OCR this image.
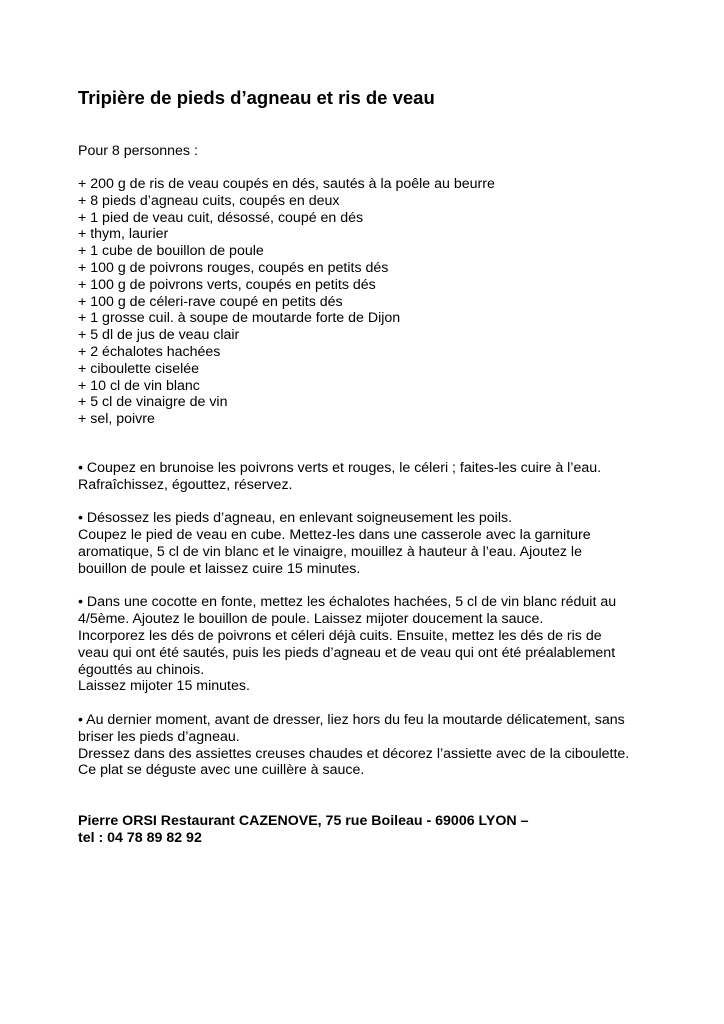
Tripière de pieds d’agneau et ris de veau
Pour 8 personnes :
+ 200 g de ris de veau coupés en dés, sautés à la poêle au beurre
+ 8 pieds d’agneau cuits, coupés en deux
+ 1 pied de veau cuit, désossé, coupé en dés
+ thym, laurier
+ 1 cube de bouillon de poule
+ 100 g de poivrons rouges, coupés en petits dés
+ 100 g de poivrons verts, coupés en petits dés
+ 100 g de céleri-rave coupé en petits dés
+ 1 grosse cuil. à soupe de moutarde forte de Dijon
+ 5 dl de jus de veau clair
+ 2 échalotes hachées
+ ciboulette ciselée
+ 10 cl de vin blanc
+ 5 cl de vinaigre de vin
+ sel, poivre

• Coupez en brunoise les poivrons verts et rouges, le céleri ; faites-les cuire à l’eau.
Rafraîchissez, égouttez, réservez.

• Désossez les pieds d’agneau, en enlevant soigneusement les poils.
Coupez le pied de veau en cube. Mettez-les dans une casserole avec la garniture
aromatique, 5 cl de vin blanc et le vinaigre, mouillez à hauteur à l’eau. Ajoutez le
bouillon de poule et laissez cuire 15 minutes.

• Dans une cocotte en fonte, mettez les échalotes hachées, 5 cl de vin blanc réduit au
4/5ème. Ajoutez le bouillon de poule. Laissez mijoter doucement la sauce.
Incorporez les dés de poivrons et céleri déjà cuits. Ensuite, mettez les dés de ris de
veau qui ont été sautés, puis les pieds d’agneau et de veau qui ont été préalablement
égouttés au chinois.
Laissez mijoter 15 minutes.

• Au dernier moment, avant de dresser, liez hors du feu la moutarde délicatement, sans
briser les pieds d’agneau.
Dressez dans des assiettes creuses chaudes et décorez l’assiette avec de la ciboulette.
Ce plat se déguste avec une cuillère à sauce.

Pierre ORSI Restaurant CAZENOVE, 75 rue Boileau - 69006 LYON –
tel : 04 78 89 82 92
